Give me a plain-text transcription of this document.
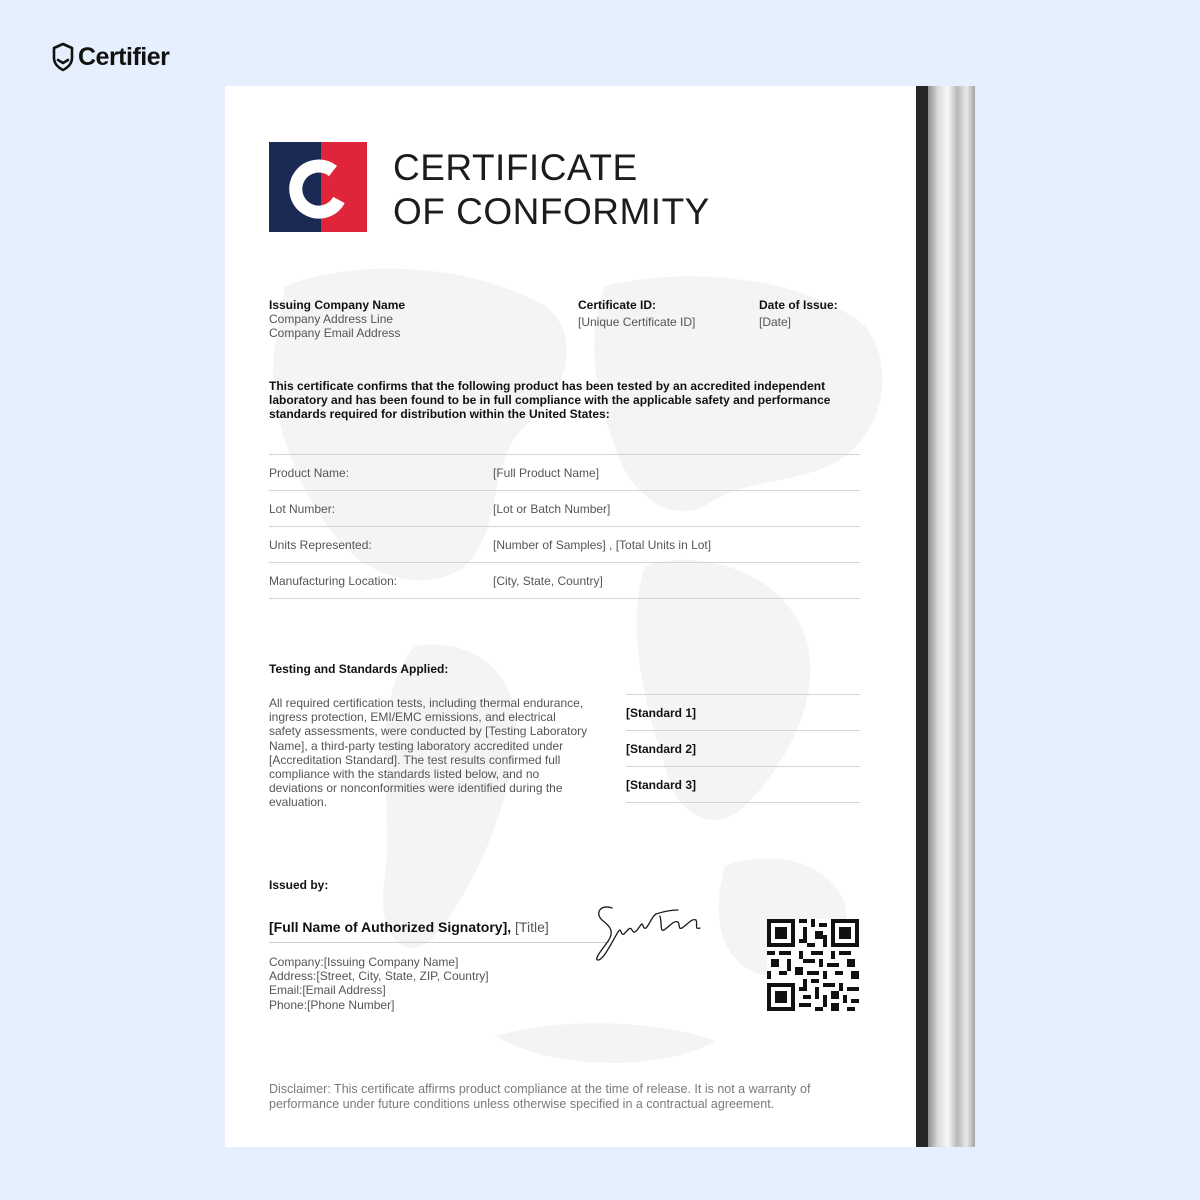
Certifier
CERTIFICATE
OF CONFORMITY
Issuing Company Name
Company Address Line
Company Email Address
Certificate ID:
[Unique Certificate ID]
Date of Issue:
[Date]
This certificate confirms that the following product has been tested by an accredited independent laboratory and has been found to be in full compliance with the applicable safety and performance standards required for distribution within the United States:
Product Name:	[Full Product Name]
Lot Number:	[Lot or Batch Number]
Units Represented:	[Number of Samples] , [Total Units in Lot]
Manufacturing Location:	[City, State, Country]
Testing and Standards Applied:
All required certification tests, including thermal endurance, ingress protection, EMI/EMC emissions, and electrical safety assessments, were conducted by [Testing Laboratory Name], a third-party testing laboratory accredited under [Accreditation Standard]. The test results confirmed full compliance with the standards listed below, and no deviations or nonconformities were identified during the evaluation.
[Standard 1]
[Standard 2]
[Standard 3]
Issued by:
[Full Name of Authorized Signatory], [Title]
Company:[Issuing Company Name]
Address:[Street, City, State, ZIP, Country]
Email:[Email Address]
Phone:[Phone Number]
Disclaimer: This certificate affirms product compliance at the time of release. It is not a warranty of performance under future conditions unless otherwise specified in a contractual agreement.
